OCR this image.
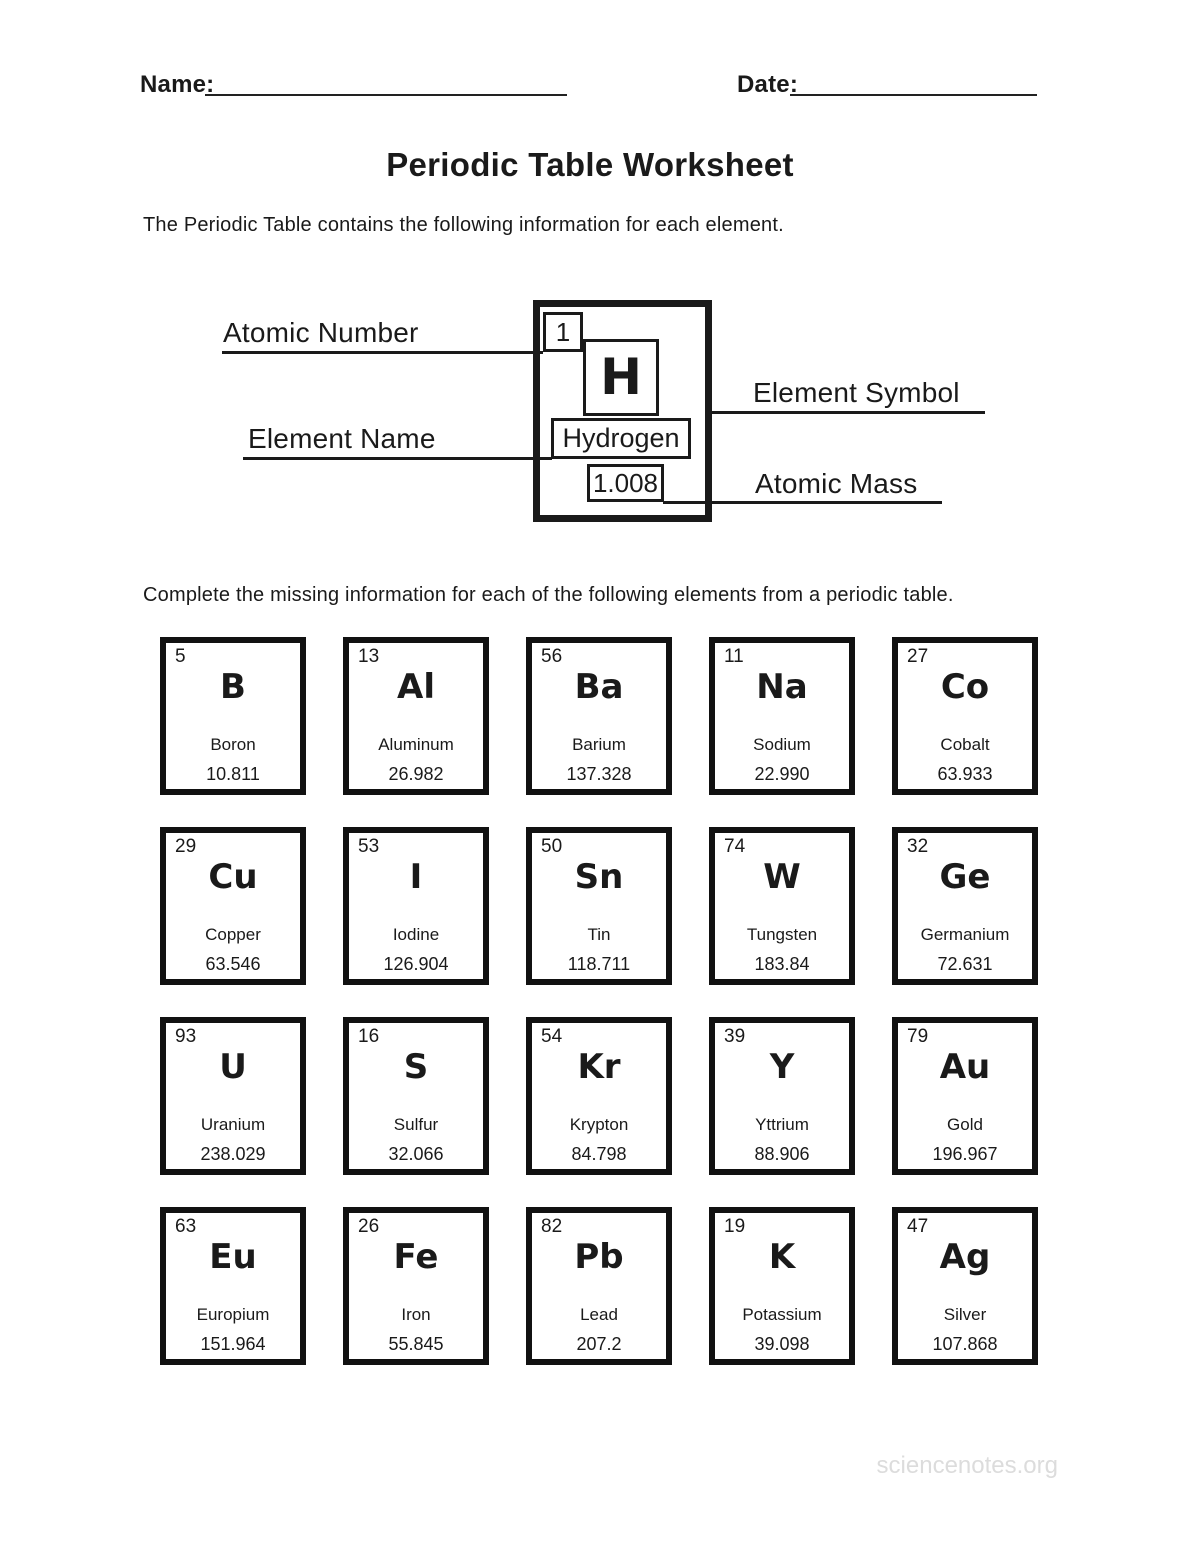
Name:	Date:
Periodic Table Worksheet
The Periodic Table contains the following information for each element.
1
H
Hydrogen
1.008
Atomic Number
Element Symbol
Element Name
Atomic Mass
Complete the missing information for each of the following elements from a periodic table.
5
B
Boron
10.811
13
Al
Aluminum
26.982
56
Ba
Barium
137.328
11
Na
Sodium
22.990
27
Co
Cobalt
63.933
29
Cu
Copper
63.546
53
I
Iodine
126.904
50
Sn
Tin
118.711
74
W
Tungsten
183.84
32
Ge
Germanium
72.631
93
U
Uranium
238.029
16
S
Sulfur
32.066
54
Kr
Krypton
84.798
39
Y
Yttrium
88.906
79
Au
Gold
196.967
63
Eu
Europium
151.964
26
Fe
Iron
55.845
82
Pb
Lead
207.2
19
K
Potassium
39.098
47
Ag
Silver
107.868
sciencenotes.org
